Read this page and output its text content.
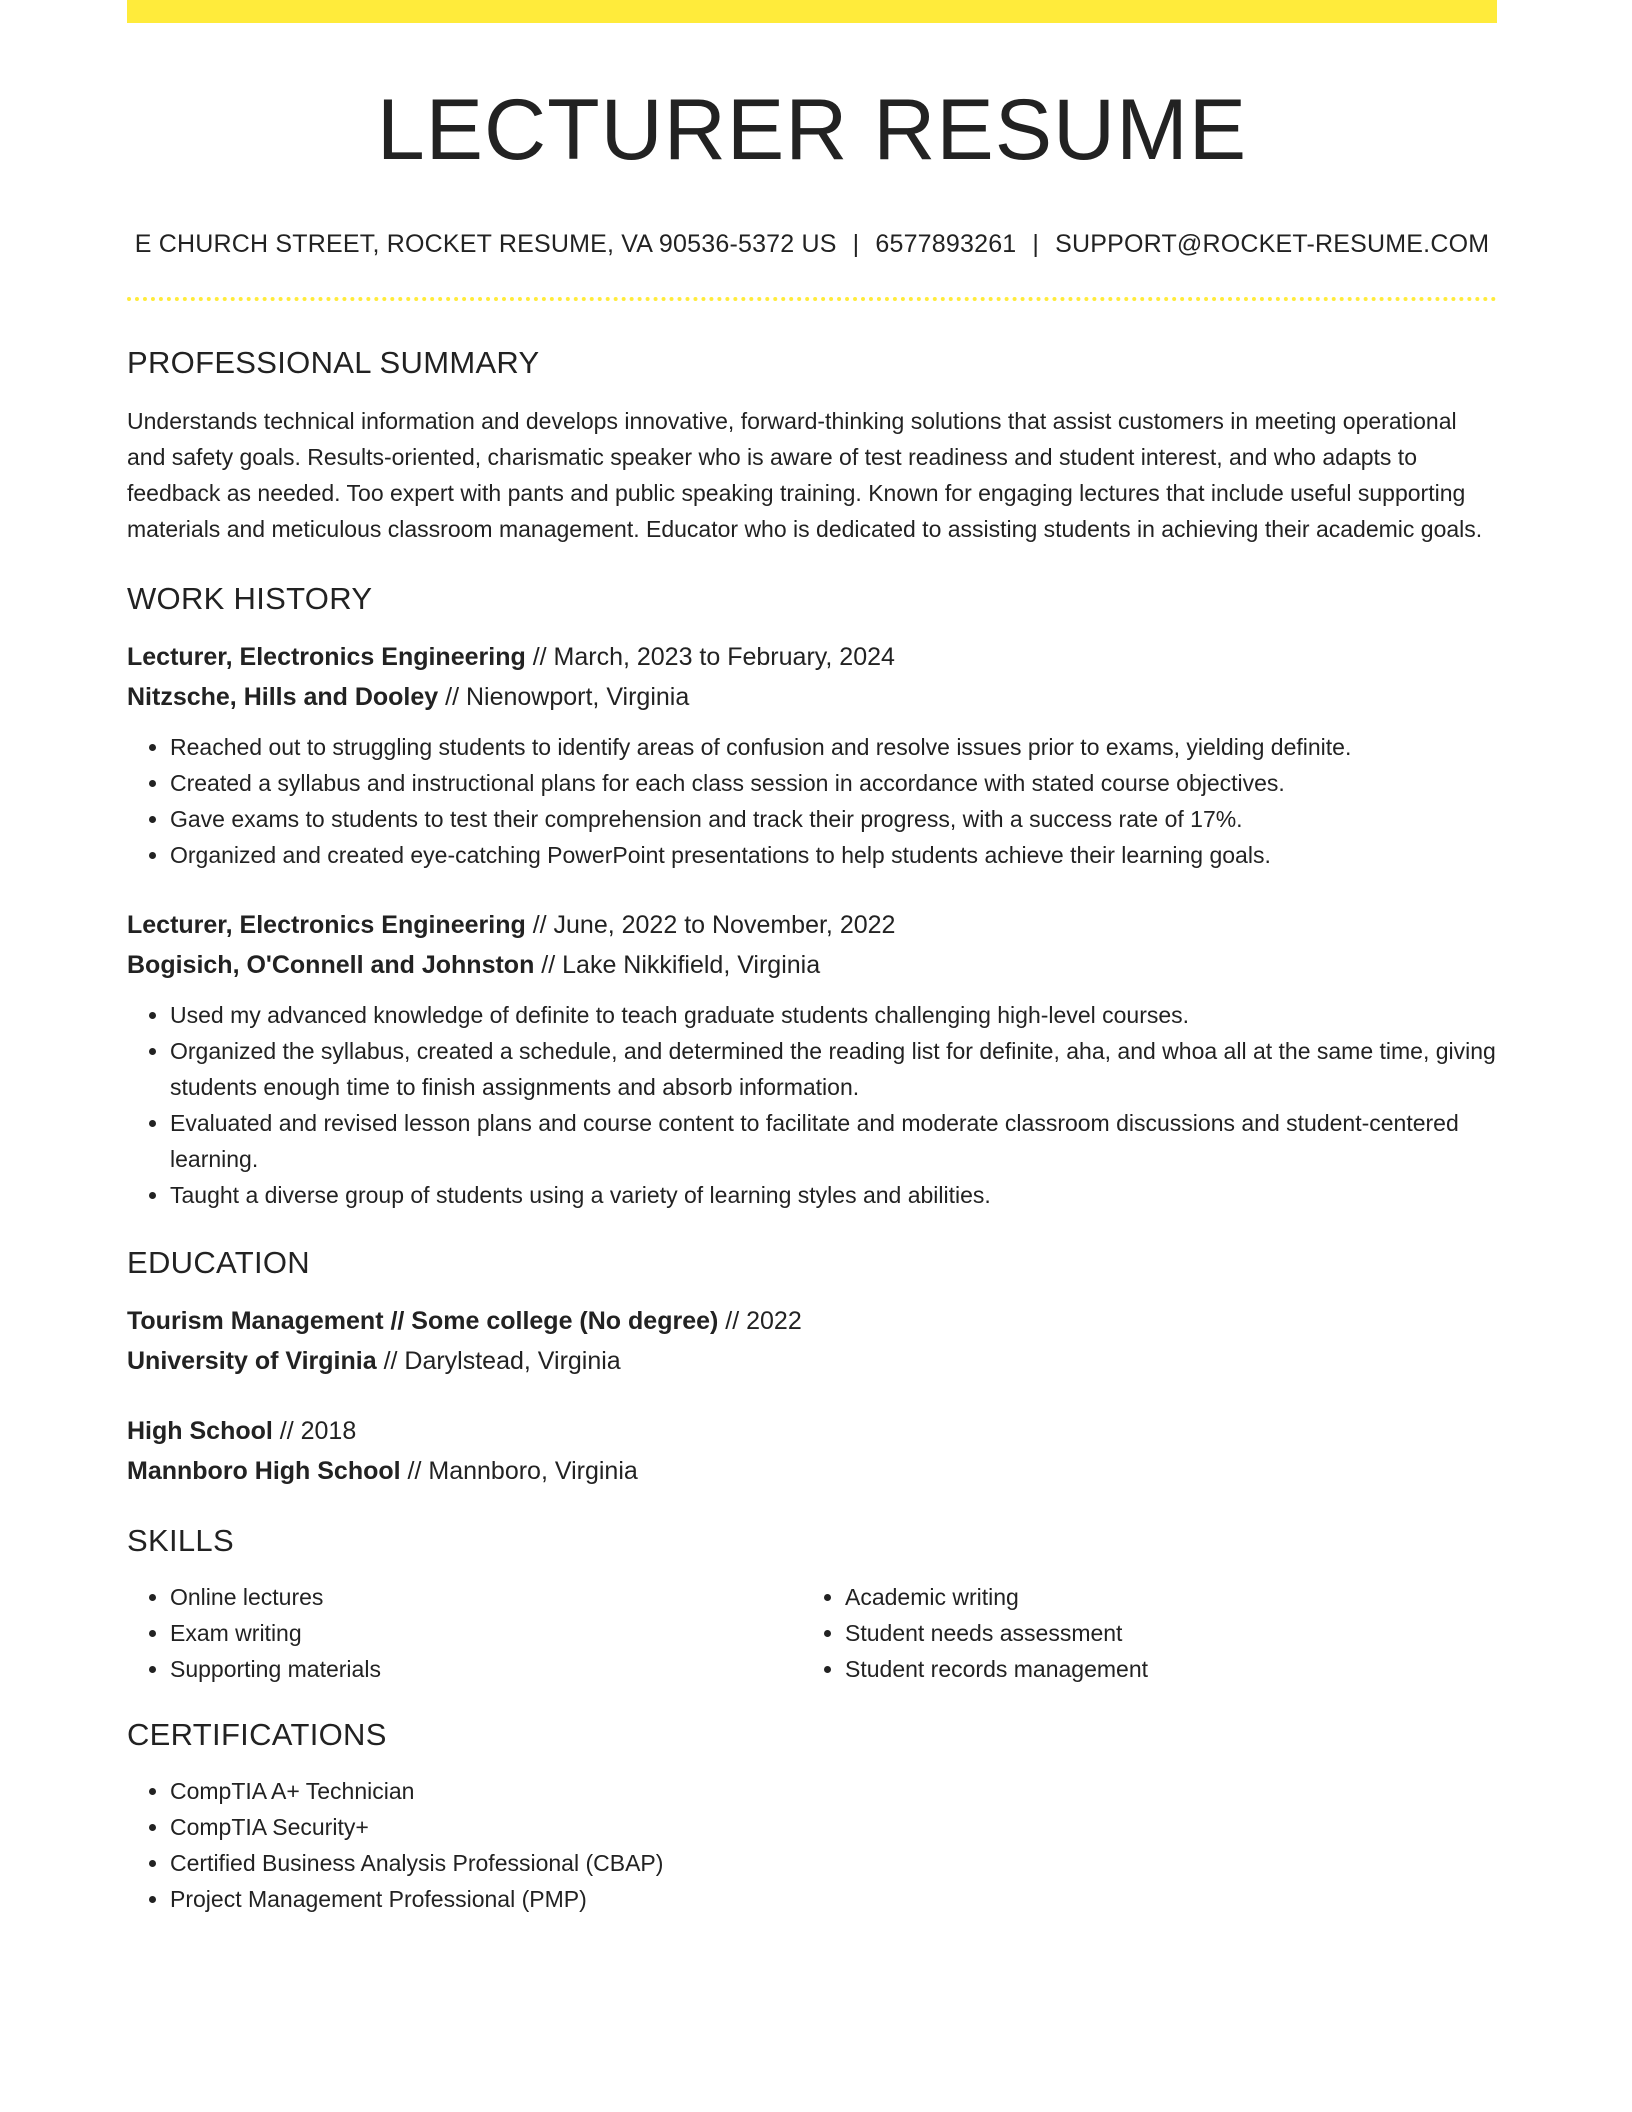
LECTURER RESUME
E CHURCH STREET, ROCKET RESUME, VA 90536-5372 US | 6577893261 | SUPPORT@ROCKET-RESUME.COM
PROFESSIONAL SUMMARY

Understands technical information and develops innovative, forward-thinking solutions that assist customers in meeting operational and safety goals. Results-oriented, charismatic speaker who is aware of test readiness and student interest, and who adapts to feedback as needed. Too expert with pants and public speaking training. Known for engaging lectures that include useful supporting materials and meticulous classroom management. Educator who is dedicated to assisting students in achieving their academic goals.

WORK HISTORY
Lecturer, Electronics Engineering // March, 2023 to February, 2024
Nitzsche, Hills and Dooley // Nienowport, Virginia
• Reached out to struggling students to identify areas of confusion and resolve issues prior to exams, yielding definite.
• Created a syllabus and instructional plans for each class session in accordance with stated course objectives.
• Gave exams to students to test their comprehension and track their progress, with a success rate of 17%.
• Organized and created eye-catching PowerPoint presentations to help students achieve their learning goals.
Lecturer, Electronics Engineering // June, 2022 to November, 2022
Bogisich, O'Connell and Johnston // Lake Nikkifield, Virginia
• Used my advanced knowledge of definite to teach graduate students challenging high-level courses.
• Organized the syllabus, created a schedule, and determined the reading list for definite, aha, and whoa all at the same time, giving students enough time to finish assignments and absorb information.
• Evaluated and revised lesson plans and course content to facilitate and moderate classroom discussions and student-centered learning.
• Taught a diverse group of students using a variety of learning styles and abilities.
EDUCATION
Tourism Management // Some college (No degree) // 2022
University of Virginia // Darylstead, Virginia
High School // 2018
Mannboro High School // Mannboro, Virginia
SKILLS
• Online lectures
• Exam writing
• Supporting materials
• Academic writing
• Student needs assessment
• Student records management
CERTIFICATIONS
• CompTIA A+ Technician
• CompTIA Security+
• Certified Business Analysis Professional (CBAP)
• Project Management Professional (PMP)
